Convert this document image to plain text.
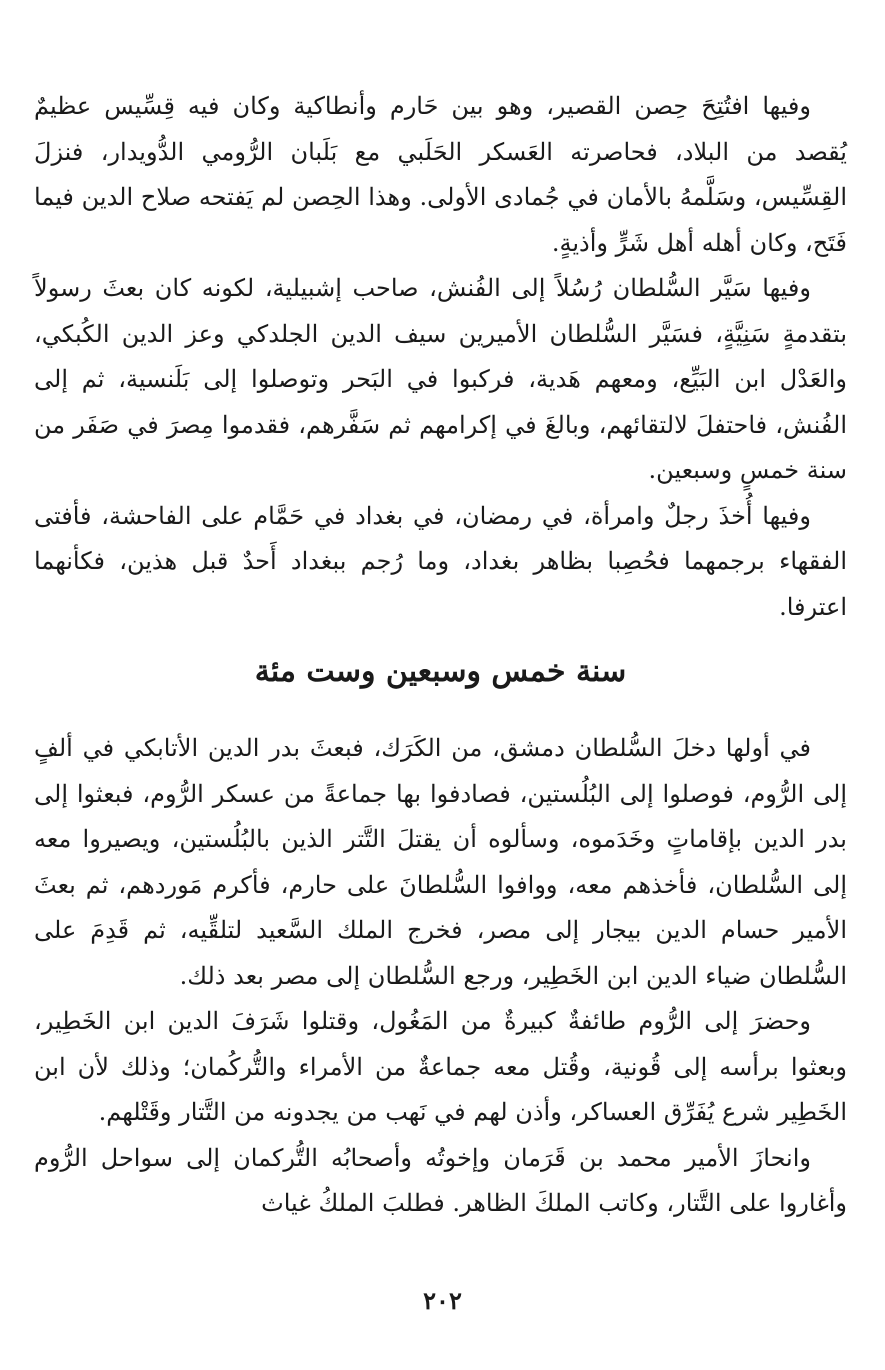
وفيها افتُتِحَ حِصن القصير، وهو بين حَارم وأنطاكية وكان فيه قِسِّيس عظيمٌ يُقصد من البلاد، فحاصرته العَسكر الحَلَبي مع بَلَبان الرُّومي الدُّويدار، فنزلَ القِسِّيس، وسَلَّمهُ بالأمان في جُمادى الأولى. وهذا الحِصن لم يَفتحه صلاح الدين فيما فَتَح، وكان أهله أهل شَرٍّ وأذيةٍ.

وفيها سَيَّر السُّلطان رُسُلاً إلى الفُنش، صاحب إشبيلية، لكونه كان بعثَ رسولاً بتقدمةٍ سَنِيَّةٍ، فسَيَّر السُّلطان الأميرين سيف الدين الجلدكي وعز الدين الكُبكي، والعَدْل ابن البَيِّع، ومعهم هَدية، فركبوا في البَحر وتوصلوا إلى بَلَنسية، ثم إلى الفُنش، فاحتفلَ لالتقائهم، وبالغَ في إكرامهم ثم سَفَّرهم، فقدموا مِصرَ في صَفَر من سنة خمسٍ وسبعين.

وفيها أُخذَ رجلٌ وامرأة، في رمضان، في بغداد في حَمَّام على الفاحشة، فأفتى الفقهاء برجمهما فحُصِبا بظاهر بغداد، وما رُجم ببغداد أَحدٌ قبل هذين، فكأنهما اعترفا.

سنة خمس وسبعين وست مئة

في أولها دخلَ السُّلطان دمشق، من الكَرَك، فبعثَ بدر الدين الأتابكي في ألفٍ إلى الرُّوم، فوصلوا إلى البُلُستين، فصادفوا بها جماعةً من عسكر الرُّوم، فبعثوا إلى بدر الدين بإقاماتٍ وخَدَموه، وسألوه أن يقتلَ التَّتر الذين بالبُلُستين، ويصيروا معه إلى السُّلطان، فأخذهم معه، ووافوا السُّلطانَ على حارم، فأكرم مَوردهم، ثم بعثَ الأمير حسام الدين بيجار إلى مصر، فخرج الملك السَّعيد لتلقِّيه، ثم قَدِمَ على السُّلطان ضياء الدين ابن الخَطِير، ورجع السُّلطان إلى مصر بعد ذلك.

وحضرَ إلى الرُّوم طائفةٌ كبيرةٌ من المَغُول، وقتلوا شَرَفَ الدين ابن الخَطِير، وبعثوا برأسه إلى قُونية، وقُتل معه جماعةٌ من الأمراء والتُّركُمان؛ وذلك لأن ابن الخَطِير شرع يُفَرِّق العساكر، وأذن لهم في نَهب من يجدونه من التَّتار وقَتْلهم.

وانحازَ الأمير محمد بن قَرَمان وإخوتُه وأصحابُه التُّركمان إلى سواحل الرُّوم وأغاروا على التَّتار، وكاتب الملكَ الظاهر. فطلبَ الملكُ غياث

٢٠٢
